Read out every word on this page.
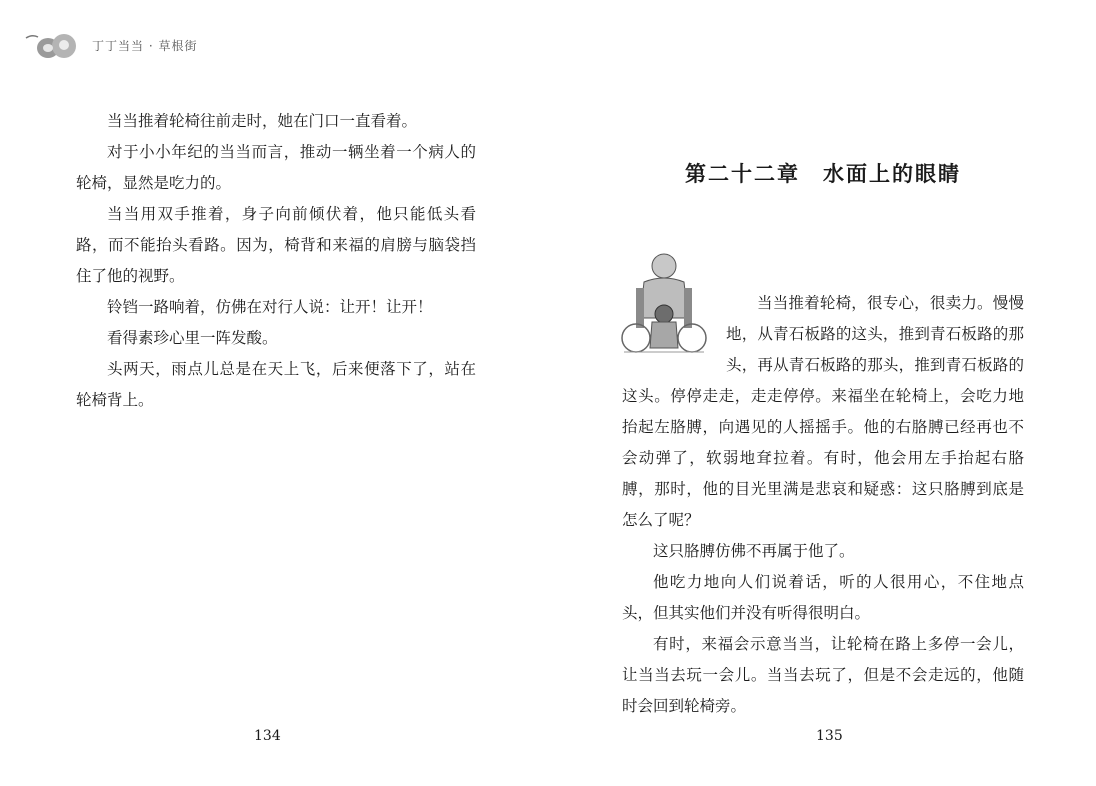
丁丁当当 · 草根街

当当推着轮椅往前走时，她在门口一直看着。

对于小小年纪的当当而言，推动一辆坐着一个病人的轮椅，显然是吃力的。

当当用双手推着，身子向前倾伏着，他只能低头看路，而不能抬头看路。因为，椅背和来福的肩膀与脑袋挡住了他的视野。

铃铛一路响着，仿佛在对行人说：让开！让开！

看得素珍心里一阵发酸。

头两天，雨点儿总是在天上飞，后来便落下了，站在轮椅背上。

134
第二十二章　水面上的眼睛

当当推着轮椅，很专心，很卖力。慢慢地，从青石板路的这头，推到青石板路的那头，再从青石板路的那头，推到青石板路的这头。停停走走，走走停停。来福坐在轮椅上，会吃力地抬起左胳膊，向遇见的人摇摇手。他的右胳膊已经再也不会动弹了，软弱地耷拉着。有时，他会用左手抬起右胳膊，那时，他的目光里满是悲哀和疑惑：这只胳膊到底是怎么了呢？

这只胳膊仿佛不再属于他了。

他吃力地向人们说着话，听的人很用心，不住地点头，但其实他们并没有听得很明白。

有时，来福会示意当当，让轮椅在路上多停一会儿，让当当去玩一会儿。当当去玩了，但是不会走远的，他随时会回到轮椅旁。

135
